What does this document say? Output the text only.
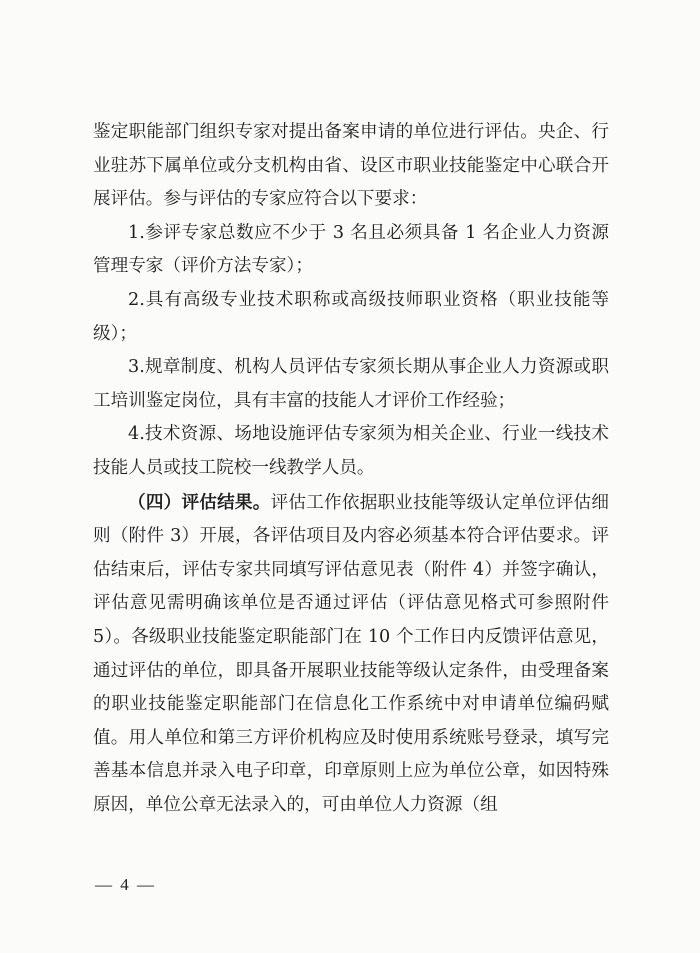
鉴定职能部门组织专家对提出备案申请的单位进行评估。央企、行业驻苏下属单位或分支机构由省、设区市职业技能鉴定中心联合开展评估。参与评估的专家应符合以下要求：

1.参评专家总数应不少于 3 名且必须具备 1 名企业人力资源管理专家（评价方法专家）；

2.具有高级专业技术职称或高级技师职业资格（职业技能等级）；

3.规章制度、机构人员评估专家须长期从事企业人力资源或职工培训鉴定岗位，具有丰富的技能人才评价工作经验；

4.技术资源、场地设施评估专家须为相关企业、行业一线技术技能人员或技工院校一线教学人员。

（四）评估结果。评估工作依据职业技能等级认定单位评估细则（附件 3）开展，各评估项目及内容必须基本符合评估要求。评估结束后，评估专家共同填写评估意见表（附件 4）并签字确认，评估意见需明确该单位是否通过评估（评估意见格式可参照附件 5）。各级职业技能鉴定职能部门在 10 个工作日内反馈评估意见，通过评估的单位，即具备开展职业技能等级认定条件，由受理备案的职业技能鉴定职能部门在信息化工作系统中对申请单位编码赋值。用人单位和第三方评价机构应及时使用系统账号登录，填写完善基本信息并录入电子印章，印章原则上应为单位公章，如因特殊原因，单位公章无法录入的，可由单位人力资源（组

— 4 —
